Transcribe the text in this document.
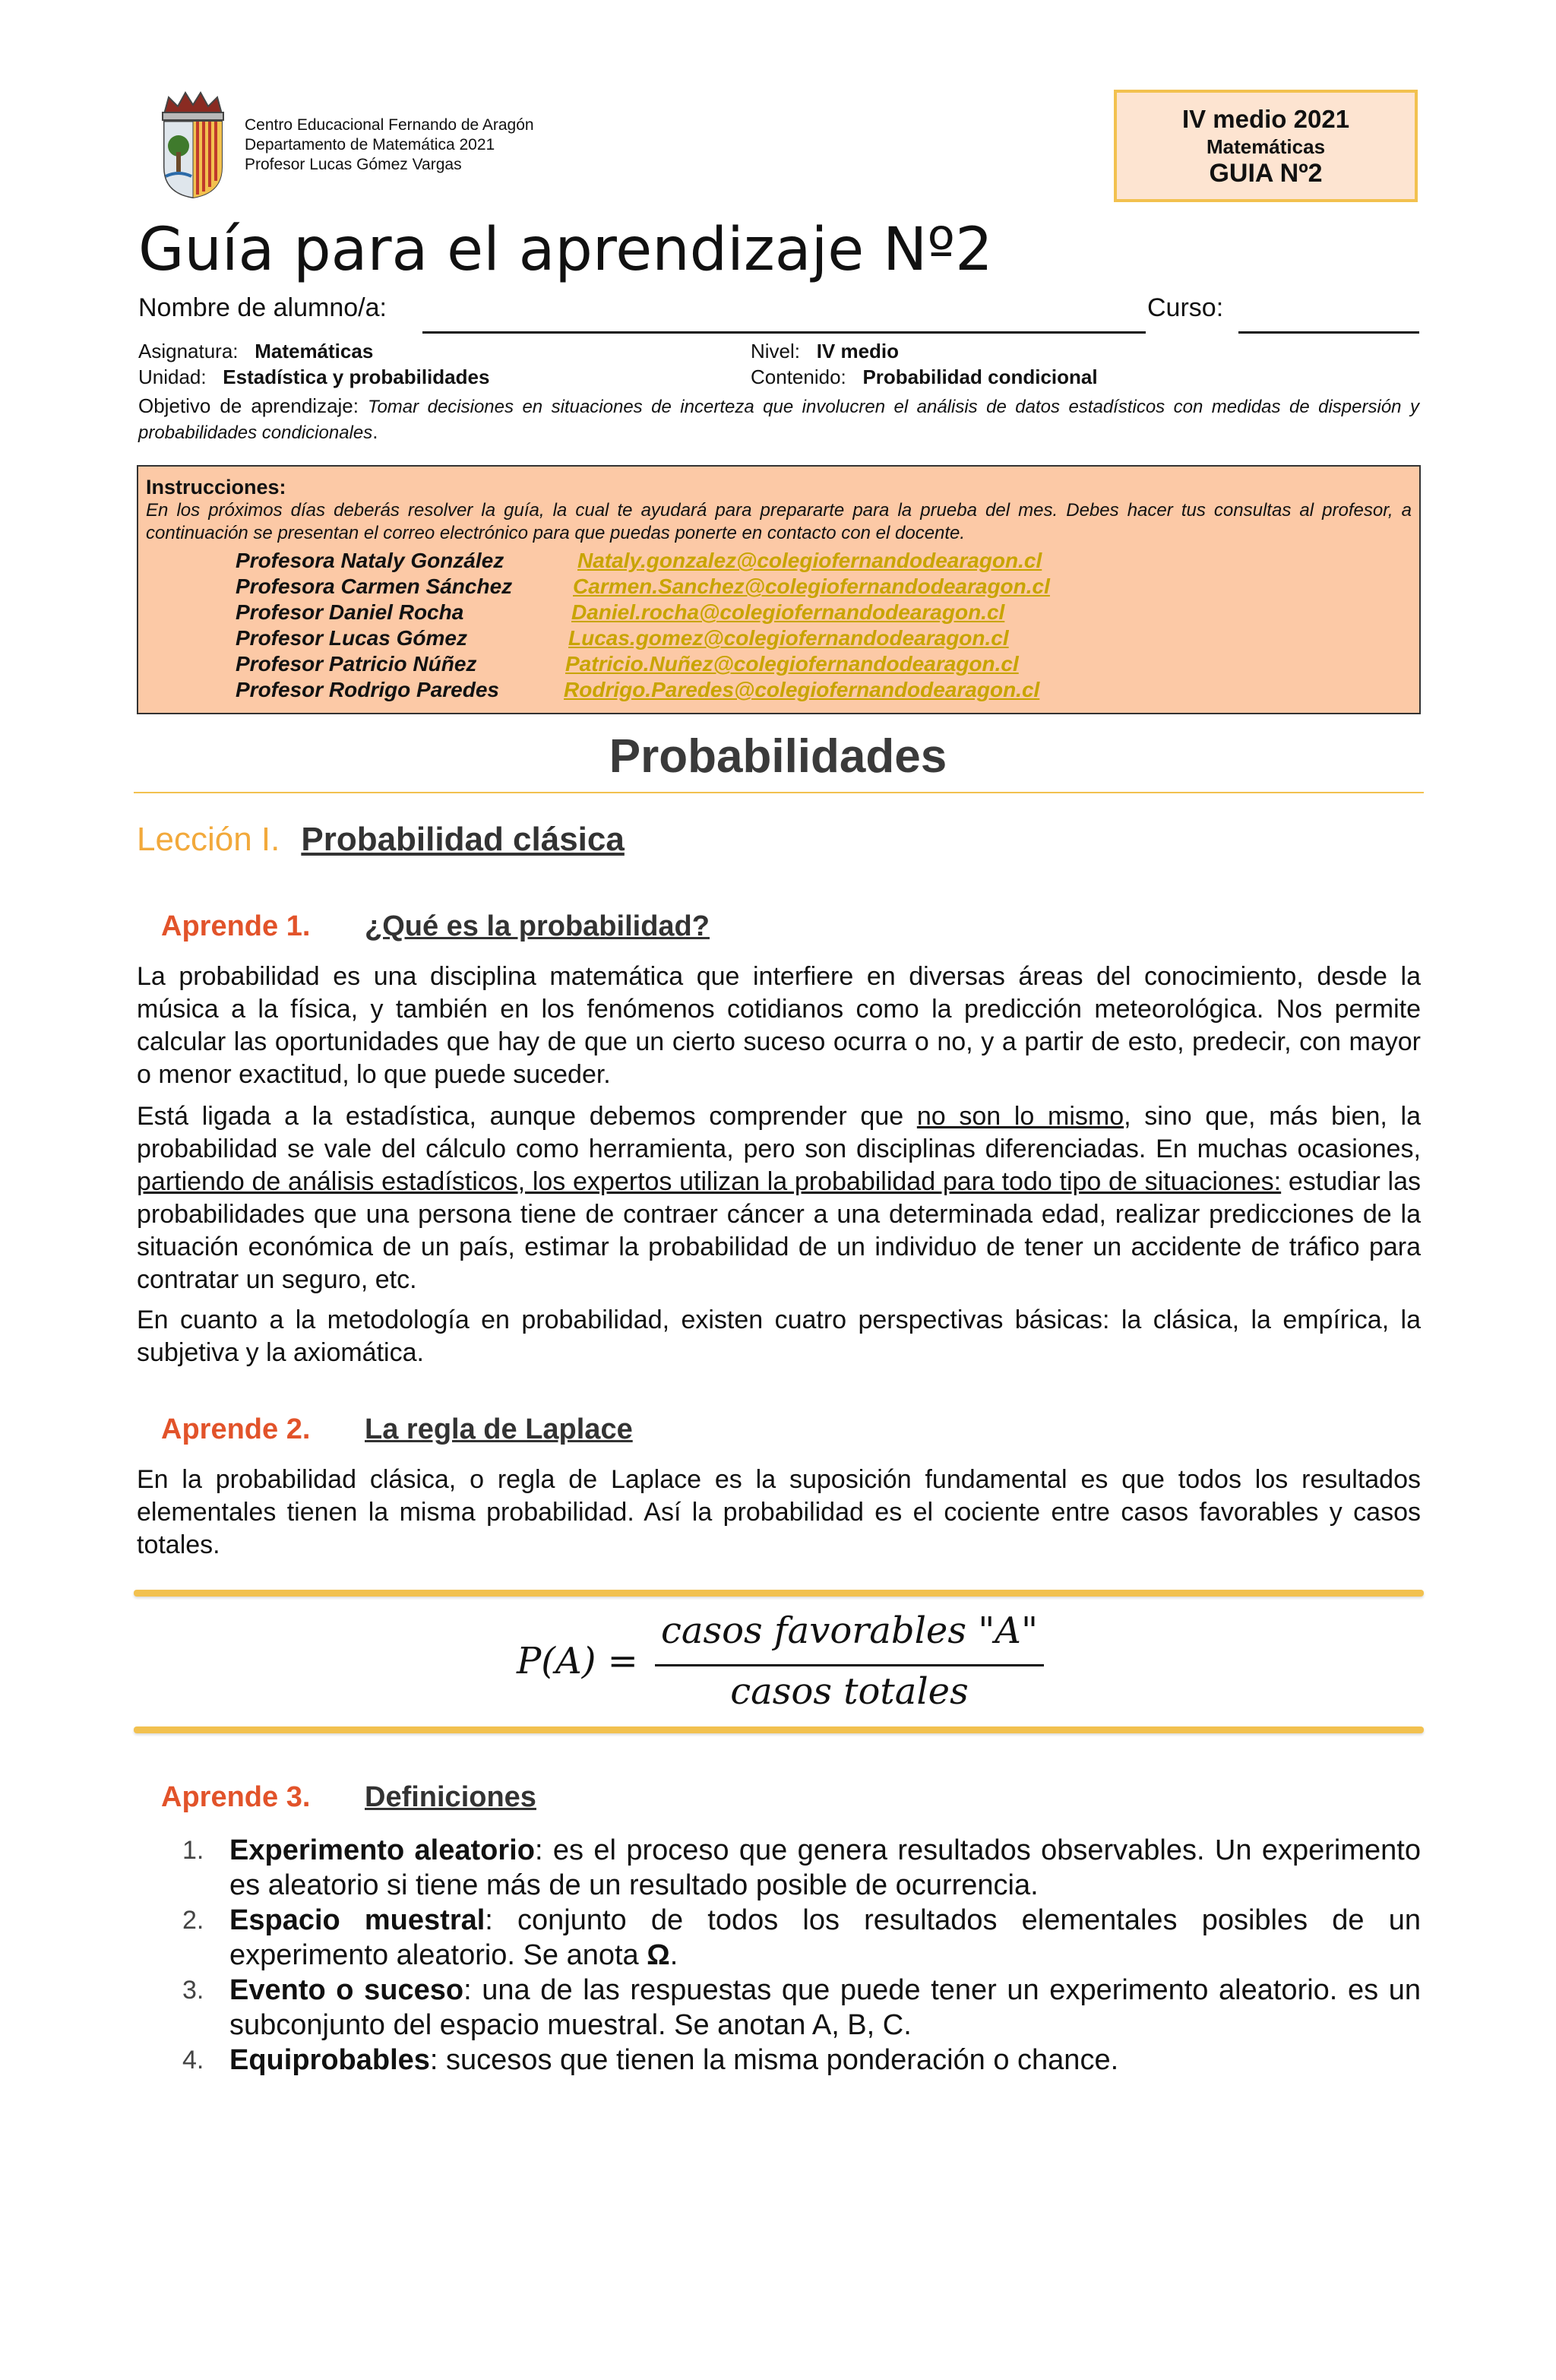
Centro Educacional Fernando de Aragón
Departamento de Matemática 2021
Profesor Lucas Gómez Vargas
IV medio 2021
Matemáticas
GUIA Nº2
Guía para el aprendizaje Nº2
Nombre de alumno/a:	Curso:
Asignatura: Matemáticas	Nivel: IV medio
Unidad: Estadística y probabilidades	Contenido: Probabilidad condicional
Objetivo de aprendizaje: Tomar decisiones en situaciones de incerteza que involucren el análisis de datos estadísticos con medidas de dispersión y probabilidades condicionales.
Instrucciones:
En los próximos días deberás resolver la guía, la cual te ayudará para prepararte para la prueba del mes. Debes hacer tus consultas al profesor, a continuación se presentan el correo electrónico para que puedas ponerte en contacto con el docente.
Profesora Nataly González	Nataly.gonzalez@colegiofernandodearagon.cl
Profesora Carmen Sánchez	Carmen.Sanchez@colegiofernandodearagon.cl
Profesor Daniel Rocha	Daniel.rocha@colegiofernandodearagon.cl
Profesor Lucas Gómez	Lucas.gomez@colegiofernandodearagon.cl
Profesor Patricio Núñez	Patricio.Nuñez@colegiofernandodearagon.cl
Profesor Rodrigo Paredes	Rodrigo.Paredes@colegiofernandodearagon.cl
Probabilidades
Lección I. Probabilidad clásica
Aprende 1. ¿Qué es la probabilidad?
La probabilidad es una disciplina matemática que interfiere en diversas áreas del conocimiento, desde la música a la física, y también en los fenómenos cotidianos como la predicción meteorológica. Nos permite calcular las oportunidades que hay de que un cierto suceso ocurra o no, y a partir de esto, predecir, con mayor o menor exactitud, lo que puede suceder.
Está ligada a la estadística, aunque debemos comprender que no son lo mismo, sino que, más bien, la probabilidad se vale del cálculo como herramienta, pero son disciplinas diferenciadas. En muchas ocasiones, partiendo de análisis estadísticos, los expertos utilizan la probabilidad para todo tipo de situaciones: estudiar las probabilidades que una persona tiene de contraer cáncer a una determinada edad, realizar predicciones de la situación económica de un país, estimar la probabilidad de un individuo de tener un accidente de tráfico para contratar un seguro, etc.
En cuanto a la metodología en probabilidad, existen cuatro perspectivas básicas: la clásica, la empírica, la subjetiva y la axiomática.
Aprende 2. La regla de Laplace
En la probabilidad clásica, o regla de Laplace es la suposición fundamental es que todos los resultados elementales tienen la misma probabilidad. Así la probabilidad es el cociente entre casos favorables y casos totales.
P(A) =
casos favorables "A"
casos totales
Aprende 3. Definiciones
1. Experimento aleatorio: es el proceso que genera resultados observables. Un experimento es aleatorio si tiene más de un resultado posible de ocurrencia.
2. Espacio muestral: conjunto de todos los resultados elementales posibles de un experimento aleatorio. Se anota Ω.
3. Evento o suceso: una de las respuestas que puede tener un experimento aleatorio. es un subconjunto del espacio muestral. Se anotan A, B, C.
4. Equiprobables: sucesos que tienen la misma ponderación o chance.
